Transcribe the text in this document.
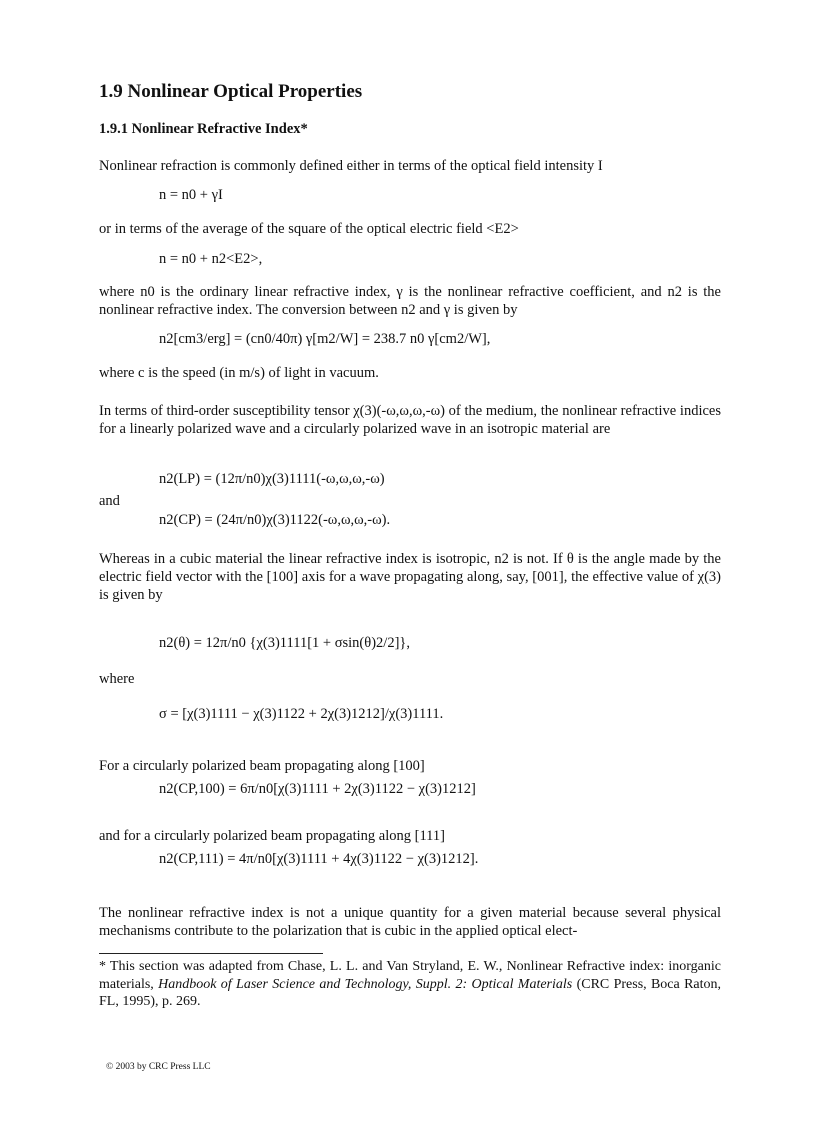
1.9 Nonlinear Optical Properties
1.9.1 Nonlinear Refractive Index*

Nonlinear refraction is commonly defined either in terms of the optical field intensity I

n = n0 + γI

or in terms of the average of the square of the optical electric field <E2>

n = n0 + n2<E2>,

where n0 is the ordinary linear refractive index, γ is the nonlinear refractive coefficient, and n2 is the nonlinear refractive index. The conversion between n2 and γ is given by

n2[cm3/erg] = (cn0/40π) γ[m2/W] = 238.7 n0 γ[cm2/W],

where c is the speed (in m/s) of light in vacuum.

In terms of third-order susceptibility tensor χ(3)(-ω,ω,ω,-ω) of the medium, the nonlinear refractive indices for a linearly polarized wave and a circularly polarized wave in an isotropic material are

n2(LP) = (12π/n0)χ(3)1111(-ω,ω,ω,-ω)

and

n2(CP) = (24π/n0)χ(3)1122(-ω,ω,ω,-ω).

Whereas in a cubic material the linear refractive index is isotropic, n2 is not. If θ is the angle made by the electric field vector with the [100] axis for a wave propagating along, say, [001], the effective value of χ(3) is given by

n2(θ) = 12π/n0 {χ(3)1111[1 + σsin(θ)2/2]},

where

σ = [χ(3)1111 − χ(3)1122 + 2χ(3)1212]/χ(3)1111.

For a circularly polarized beam propagating along [100]

n2(CP,100) = 6π/n0[χ(3)1111 + 2χ(3)1122 − χ(3)1212]

and for a circularly polarized beam propagating along [111]

n2(CP,111) = 4π/n0[χ(3)1111 + 4χ(3)1122 − χ(3)1212].

The nonlinear refractive index is not a unique quantity for a given material because several physical mechanisms contribute to the polarization that is cubic in the applied optical elect-

* This section was adapted from Chase, L. L. and Van Stryland, E. W., Nonlinear Refractive index: inorganic materials, Handbook of Laser Science and Technology, Suppl. 2: Optical Materials (CRC Press, Boca Raton, FL, 1995), p. 269.

© 2003 by CRC Press LLC
